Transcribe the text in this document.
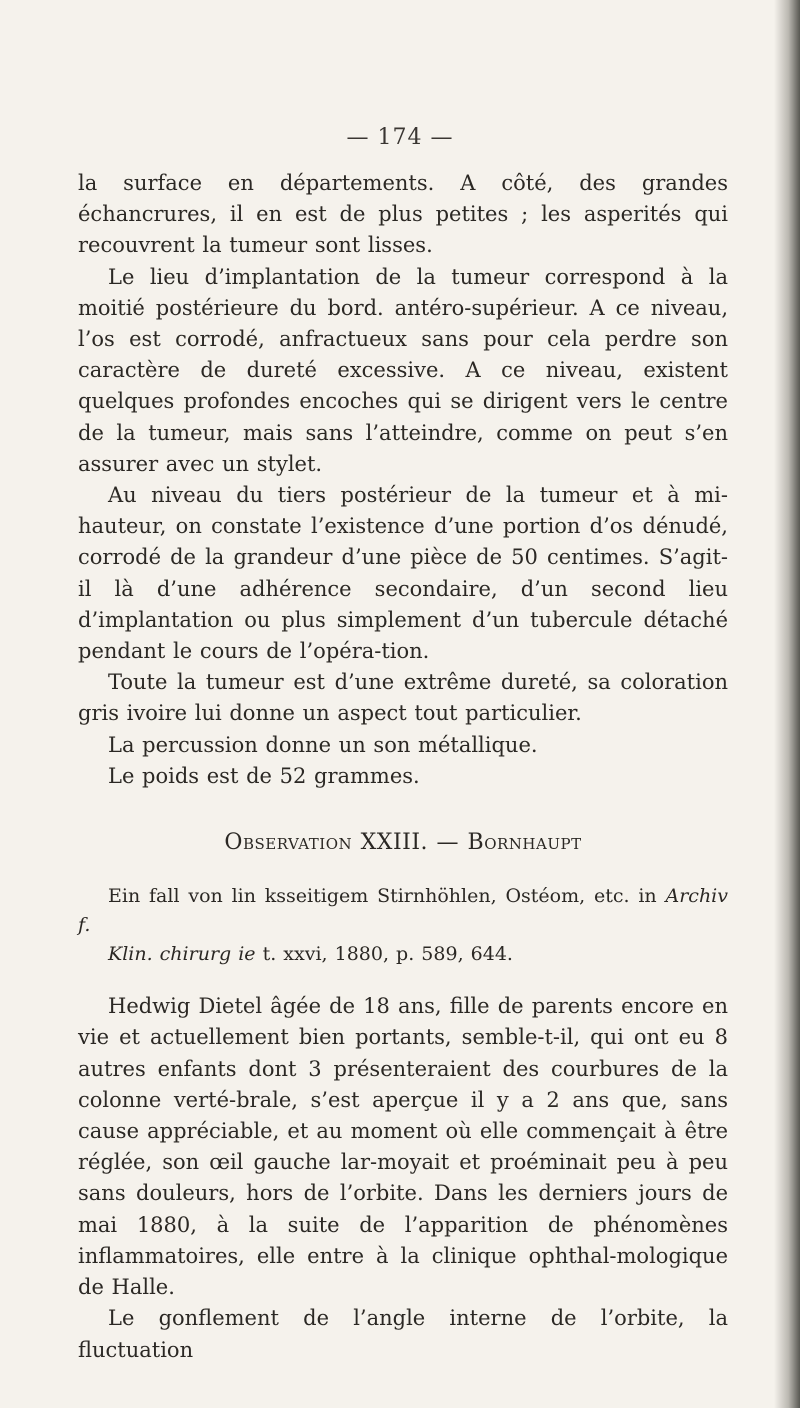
— 174 —

la surface en départements. A côté, des grandes échancrures, il en est de plus petites ; les asperités qui recouvrent la tumeur sont lisses.

Le lieu d’implantation de la tumeur correspond à la moitié postérieure du bord. antéro-supérieur. A ce niveau, l’os est corrodé, anfractueux sans pour cela perdre son caractère de dureté excessive. A ce niveau, existent quelques profondes encoches qui se dirigent vers le centre de la tumeur, mais sans l’atteindre, comme on peut s’en assurer avec un stylet.

Au niveau du tiers postérieur de la tumeur et à mi-hauteur, on constate l’existence d’une portion d’os dénudé, corrodé de la grandeur d’une pièce de 50 centimes. S’agit-il là d’une adhérence secondaire, d’un second lieu d’implantation ou plus simplement d’un tubercule détaché pendant le cours de l’opéra-tion.

Toute la tumeur est d’une extrême dureté, sa coloration gris ivoire lui donne un aspect tout particulier.

La percussion donne un son métallique.

Le poids est de 52 grammes.

Observation XXIII. — Bornhaupt

Ein fall von lin ksseitigem Stirnhöhlen, Ostéom, etc. in Archiv f.
Klin. chirurg ie t. xxvi, 1880, p. 589, 644.

Hedwig Dietel âgée de 18 ans, fille de parents encore en vie et actuellement bien portants, semble-t-il, qui ont eu 8 autres enfants dont 3 présenteraient des courbures de la colonne verté-brale, s’est aperçue il y a 2 ans que, sans cause appréciable, et au moment où elle commençait à être réglée, son œil gauche lar-moyait et proéminait peu à peu sans douleurs, hors de l’orbite. Dans les derniers jours de mai 1880, à la suite de l’apparition de phénomènes inflammatoires, elle entre à la clinique ophthal-mologique de Halle.

Le gonflement de l’angle interne de l’orbite, la fluctuation
